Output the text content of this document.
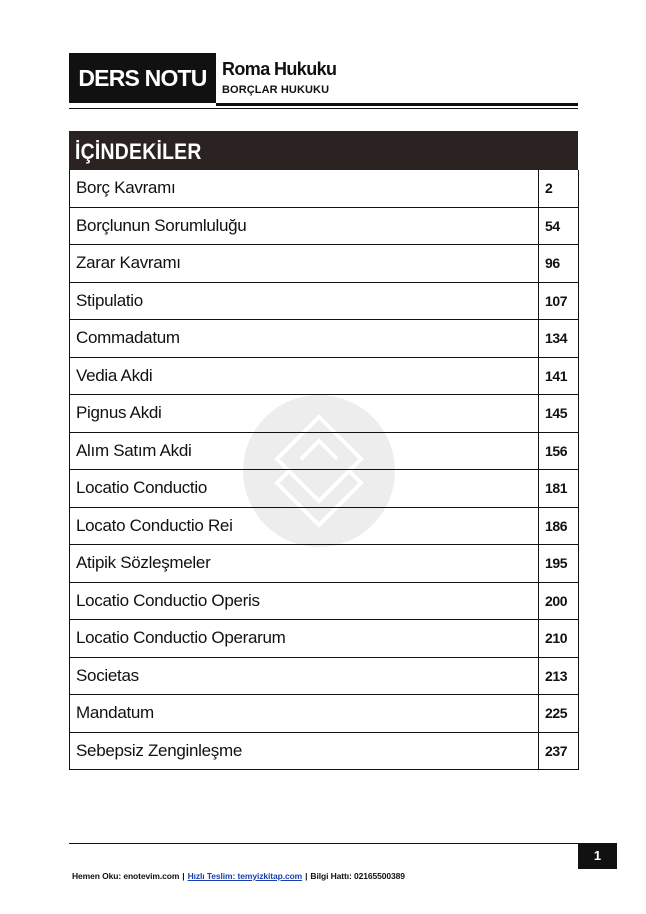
DERS NOTU Roma Hukuku
BORÇLAR HUKUKU
İÇİNDEKİLER
Borç Kavramı	2
Borçlunun Sorumluluğu	54
Zarar Kavramı	96
Stipulatio	107
Commadatum	134
Vedia Akdi	141
Pignus Akdi	145
Alım Satım Akdi	156
Locatio Conductio	181
Locato Conductio Rei	186
Atipik Sözleşmeler	195
Locatio Conductio Operis	200
Locatio Conductio Operarum	210
Societas	213
Mandatum	225
Sebepsiz Zenginleşme	237
1
Hemen Oku: enotevim.com | Hızlı Teslim: temyizkitap.com | Bilgi Hattı: 02165500389
